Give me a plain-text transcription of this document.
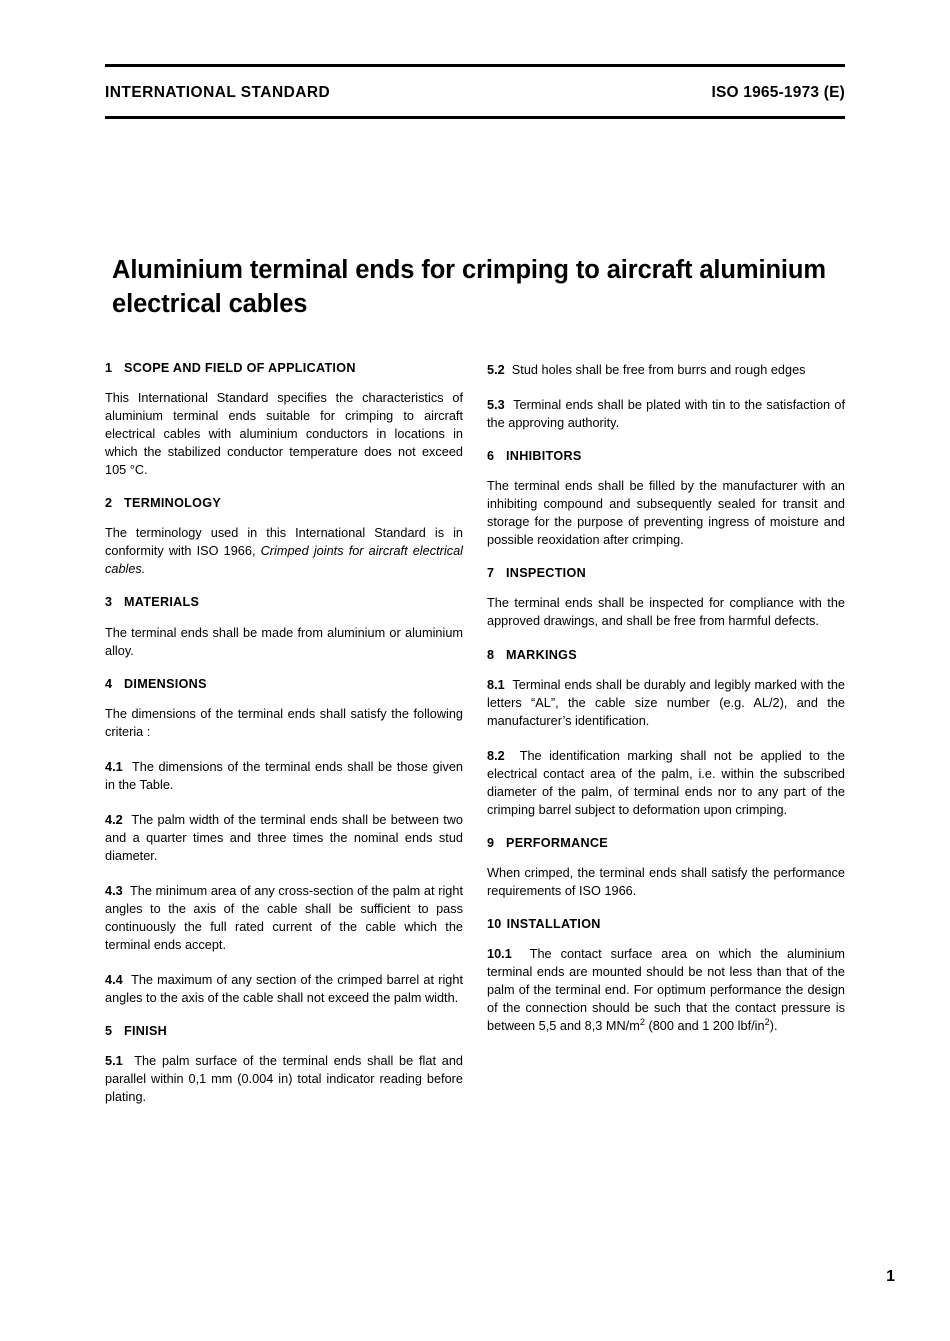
INTERNATIONAL STANDARD	ISO 1965-1973 (E)
Aluminium terminal ends for crimping to aircraft aluminium electrical cables
1 SCOPE AND FIELD OF APPLICATION

This International Standard specifies the characteristics of aluminium terminal ends suitable for crimping to aircraft electrical cables with aluminium conductors in locations in which the stabilized conductor temperature does not exceed 105 °C.

2 TERMINOLOGY

The terminology used in this International Standard is in conformity with ISO 1966, Crimped joints for aircraft electrical cables.

3 MATERIALS

The terminal ends shall be made from aluminium or aluminium alloy.

4 DIMENSIONS

The dimensions of the terminal ends shall satisfy the following criteria :

4.1 The dimensions of the terminal ends shall be those given in the Table.

4.2 The palm width of the terminal ends shall be between two and a quarter times and three times the nominal ends stud diameter.

4.3 The minimum area of any cross-section of the palm at right angles to the axis of the cable shall be sufficient to pass continuously the full rated current of the cable which the terminal ends accept.

4.4 The maximum of any section of the crimped barrel at right angles to the axis of the cable shall not exceed the palm width.

5 FINISH

5.1 The palm surface of the terminal ends shall be flat and parallel within 0,1 mm (0.004 in) total indicator reading before plating.

5.2 Stud holes shall be free from burrs and rough edges

5.3 Terminal ends shall be plated with tin to the satisfaction of the approving authority.

6 INHIBITORS

The terminal ends shall be filled by the manufacturer with an inhibiting compound and subsequently sealed for transit and storage for the purpose of preventing ingress of moisture and possible reoxidation after crimping.

7 INSPECTION

The terminal ends shall be inspected for compliance with the approved drawings, and shall be free from harmful defects.

8 MARKINGS

8.1 Terminal ends shall be durably and legibly marked with the letters “AL”, the cable size number (e.g. AL/2), and the manufacturer’s identification.

8.2 The identification marking shall not be applied to the electrical contact area of the palm, i.e. within the subscribed diameter of the palm, of terminal ends nor to any part of the crimping barrel subject to deformation upon crimping.

9 PERFORMANCE

When crimped, the terminal ends shall satisfy the performance requirements of ISO 1966.

10 INSTALLATION

10.1 The contact surface area on which the aluminium terminal ends are mounted should be not less than that of the palm of the terminal end. For optimum performance the design of the connection should be such that the contact pressure is between 5,5 and 8,3 $MN/m^2$ (800 and 1 200 lbf/$in^2$).

1
